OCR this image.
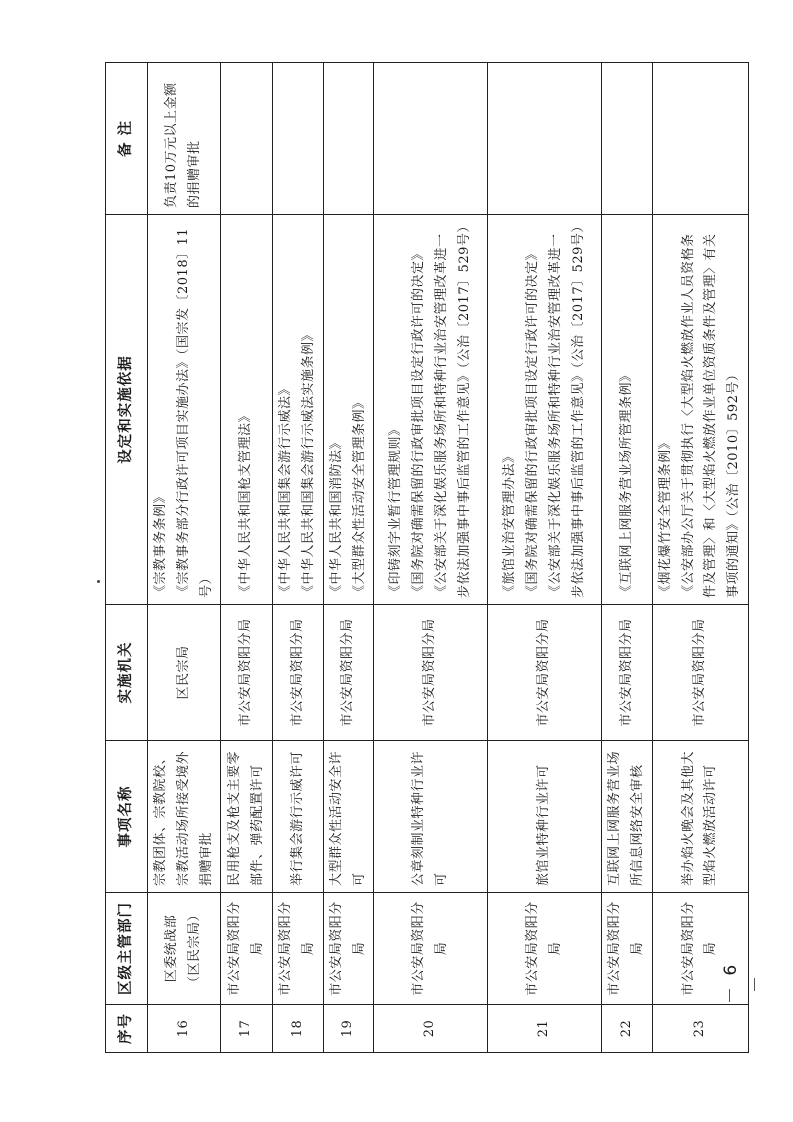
序号	区级主管部门	事项名称	实施机关	设定和实施依据	备 注
16	区委统战部 （区民宗局）	宗教团体、宗教院校、宗教活动场所接受境外捐赠审批	区民宗局	《宗教事务条例》 《宗教事务部分行政许可项目实施办法》（国宗发〔2018〕11号）	负责10万元以上金额的捐赠审批
17	市公安局资阳分局	民用枪支及枪支主要零部件、弹药配置许可	市公安局资阳分局	《中华人民共和国枪支管理法》	

18	市公安局资阳分局	举行集会游行示威许可	市公安局资阳分局	《中华人民共和国集会游行示威法》 《中华人民共和国集会游行示威法实施条例》	

19	市公安局资阳分局	大型群众性活动安全许可	市公安局资阳分局	《中华人民共和国消防法》 《大型群众性活动安全管理条例》	

20	市公安局资阳分局	公章刻制业特种行业许可	市公安局资阳分局	《印铸刻字业暂行管理规则》 《国务院对确需保留的行政审批项目设定行政许可的决定》 《公安部关于深化娱乐服务场所和特种行业治安管理改革进一步依法加强事中事后监管的工作意见》（公治〔2017〕529号）	

21	市公安局资阳分局	旅馆业特种行业许可	市公安局资阳分局	《旅馆业治安管理办法》 《国务院对确需保留的行政审批项目设定行政许可的决定》 《公安部关于深化娱乐服务场所和特种行业治安管理改革进一步依法加强事中事后监管的工作意见》（公治〔2017〕529号）	

22	市公安局资阳分局	互联网上网服务营业场所信息网络安全审核	市公安局资阳分局	《互联网上网服务营业场所管理条例》	

23	市公安局资阳分局	举办焰火晚会及其他大型焰火燃放活动许可	市公安局资阳分局	《烟花爆竹安全管理条例》 《公安部办公厅关于贯彻执行〈大型焰火燃放作业人员资格条件及管理〉和〈大型焰火燃放作业单位资质条件及管理〉有关事项的通知》（公治〔2010〕592号）	

－ 6 －
